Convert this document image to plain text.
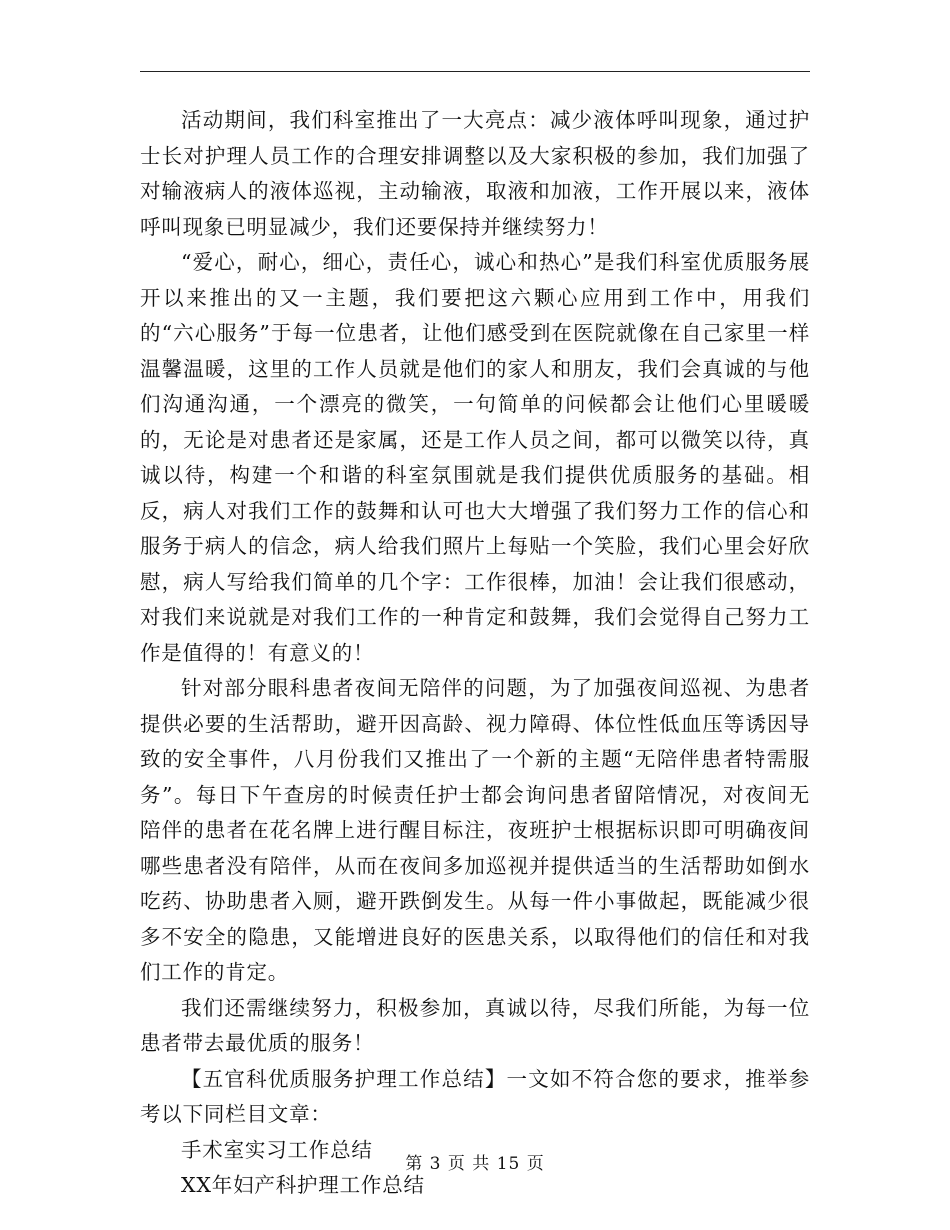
活动期间，我们科室推出了一大亮点：减少液体呼叫现象，通过护士长对护理人员工作的合理安排调整以及大家积极的参加，我们加强了对输液病人的液体巡视，主动输液，取液和加液，工作开展以来，液体呼叫现象已明显减少，我们还要保持并继续努力！

“爱心，耐心，细心，责任心，诚心和热心”是我们科室优质服务展开以来推出的又一主题，我们要把这六颗心应用到工作中，用我们的“六心服务”于每一位患者，让他们感受到在医院就像在自己家里一样温馨温暖，这里的工作人员就是他们的家人和朋友，我们会真诚的与他们沟通沟通，一个漂亮的微笑，一句简单的问候都会让他们心里暖暖的，无论是对患者还是家属，还是工作人员之间，都可以微笑以待，真诚以待，构建一个和谐的科室氛围就是我们提供优质服务的基础。相反，病人对我们工作的鼓舞和认可也大大增强了我们努力工作的信心和服务于病人的信念，病人给我们照片上每贴一个笑脸，我们心里会好欣慰，病人写给我们简单的几个字：工作很棒，加油！会让我们很感动，对我们来说就是对我们工作的一种肯定和鼓舞，我们会觉得自己努力工作是值得的！有意义的！

针对部分眼科患者夜间无陪伴的问题，为了加强夜间巡视、为患者提供必要的生活帮助，避开因高龄、视力障碍、体位性低血压等诱因导致的安全事件，八月份我们又推出了一个新的主题“无陪伴患者特需服务”。每日下午查房的时候责任护士都会询问患者留陪情况，对夜间无陪伴的患者在花名牌上进行醒目标注，夜班护士根据标识即可明确夜间哪些患者没有陪伴，从而在夜间多加巡视并提供适当的生活帮助如倒水吃药、协助患者入厕，避开跌倒发生。从每一件小事做起，既能减少很多不安全的隐患，又能增进良好的医患关系，以取得他们的信任和对我们工作的肯定。

我们还需继续努力，积极参加，真诚以待，尽我们所能，为每一位患者带去最优质的服务！

【五官科优质服务护理工作总结】一文如不符合您的要求，推举参考以下同栏目文章：

手术室实习工作总结

XX年妇产科护理工作总结

第 3 页 共 15 页
